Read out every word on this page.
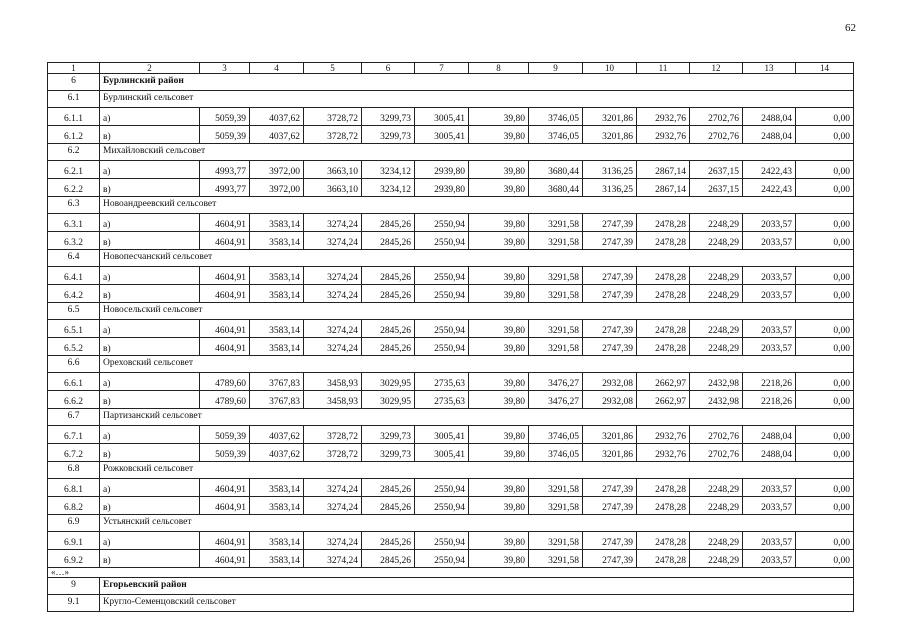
62
1	2	3	4	5	6	7	8	9	10	11	12	13	14
6	Бурлинский район												
6.1	Бурлинский сельсовет												
6.1.1	а)	5059,39	4037,62	3728,72	3299,73	3005,41	39,80	3746,05	3201,86	2932,76	2702,76	2488,04	0,00
6.1.2	в)	5059,39	4037,62	3728,72	3299,73	3005,41	39,80	3746,05	3201,86	2932,76	2702,76	2488,04	0,00
6.2	Михайловский сельсовет												
6.2.1	а)	4993,77	3972,00	3663,10	3234,12	2939,80	39,80	3680,44	3136,25	2867,14	2637,15	2422,43	0,00
6.2.2	в)	4993,77	3972,00	3663,10	3234,12	2939,80	39,80	3680,44	3136,25	2867,14	2637,15	2422,43	0,00
6.3	Новоандреевский сельсовет												
6.3.1	а)	4604,91	3583,14	3274,24	2845,26	2550,94	39,80	3291,58	2747,39	2478,28	2248,29	2033,57	0,00
6.3.2	в)	4604,91	3583,14	3274,24	2845,26	2550,94	39,80	3291,58	2747,39	2478,28	2248,29	2033,57	0,00
6.4	Новопесчанский сельсовет												
6.4.1	а)	4604,91	3583,14	3274,24	2845,26	2550,94	39,80	3291,58	2747,39	2478,28	2248,29	2033,57	0,00
6.4.2	в)	4604,91	3583,14	3274,24	2845,26	2550,94	39,80	3291,58	2747,39	2478,28	2248,29	2033,57	0,00
6.5	Новосельский сельсовет												
6.5.1	а)	4604,91	3583,14	3274,24	2845,26	2550,94	39,80	3291,58	2747,39	2478,28	2248,29	2033,57	0,00
6.5.2	в)	4604,91	3583,14	3274,24	2845,26	2550,94	39,80	3291,58	2747,39	2478,28	2248,29	2033,57	0,00
6.6	Ореховский сельсовет												
6.6.1	а)	4789,60	3767,83	3458,93	3029,95	2735,63	39,80	3476,27	2932,08	2662,97	2432,98	2218,26	0,00
6.6.2	в)	4789,60	3767,83	3458,93	3029,95	2735,63	39,80	3476,27	2932,08	2662,97	2432,98	2218,26	0,00
6.7	Партизанский сельсовет												
6.7.1	а)	5059,39	4037,62	3728,72	3299,73	3005,41	39,80	3746,05	3201,86	2932,76	2702,76	2488,04	0,00
6.7.2	в)	5059,39	4037,62	3728,72	3299,73	3005,41	39,80	3746,05	3201,86	2932,76	2702,76	2488,04	0,00
6.8	Рожковский сельсовет												
6.8.1	а)	4604,91	3583,14	3274,24	2845,26	2550,94	39,80	3291,58	2747,39	2478,28	2248,29	2033,57	0,00
6.8.2	в)	4604,91	3583,14	3274,24	2845,26	2550,94	39,80	3291,58	2747,39	2478,28	2248,29	2033,57	0,00
6.9	Устьянский сельсовет												
6.9.1	а)	4604,91	3583,14	3274,24	2845,26	2550,94	39,80	3291,58	2747,39	2478,28	2248,29	2033,57	0,00
6.9.2	в)	4604,91	3583,14	3274,24	2845,26	2550,94	39,80	3291,58	2747,39	2478,28	2248,29	2033,57	0,00
«…»													
9	Егорьевский район												
9.1	Кругло-Семенцовский сельсовет												
